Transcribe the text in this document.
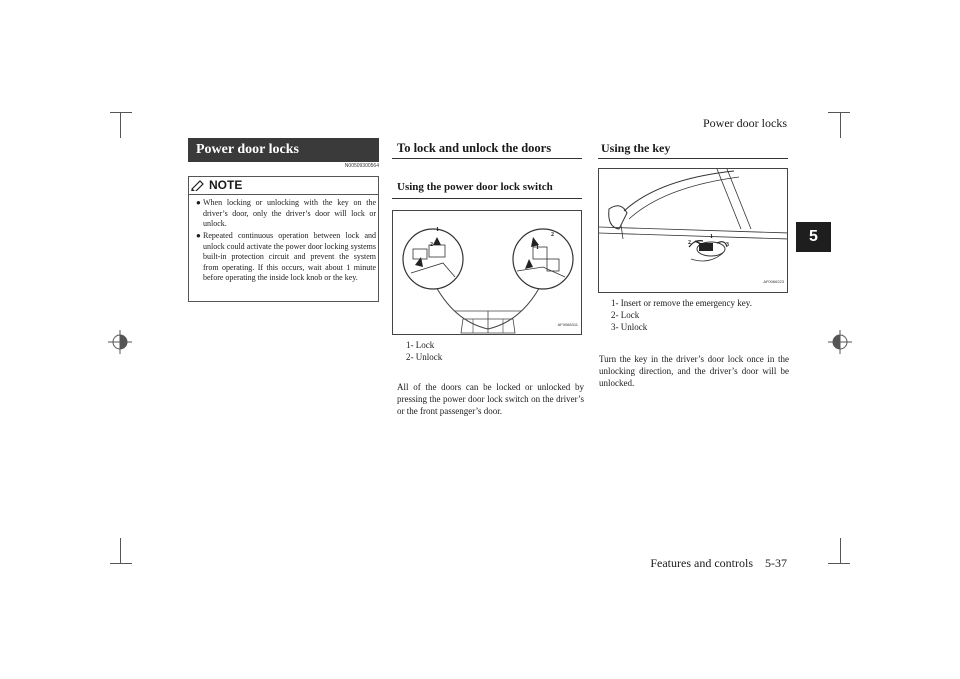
Power door locks
Features and controls 5-37
5
Power door locks
N00509300564
NOTE
● When locking or unlocking with the key on the driver’s door, only the driver’s door will lock or unlock.
● Repeated continuous operation between lock and unlock could activate the power door locking systems built-in protection circuit and prevent the system from operating. If this occurs, wait about 1 minute before operating the inside lock knob or the key.
To lock and unlock the doors
Using the power door lock switch
1
2	1
2
AF0068311
1- Lock
2- Unlock
All of the doors can be locked or unlocked by pressing the power door lock switch on the driver’s or the front passenger’s door.
Using the key
1
2	3
AF0066223
1- Insert or remove the emergency key.
2- Lock
3- Unlock
Turn the key in the driver’s door lock once in the unlocking direction, and the driver’s door will be unlocked.
